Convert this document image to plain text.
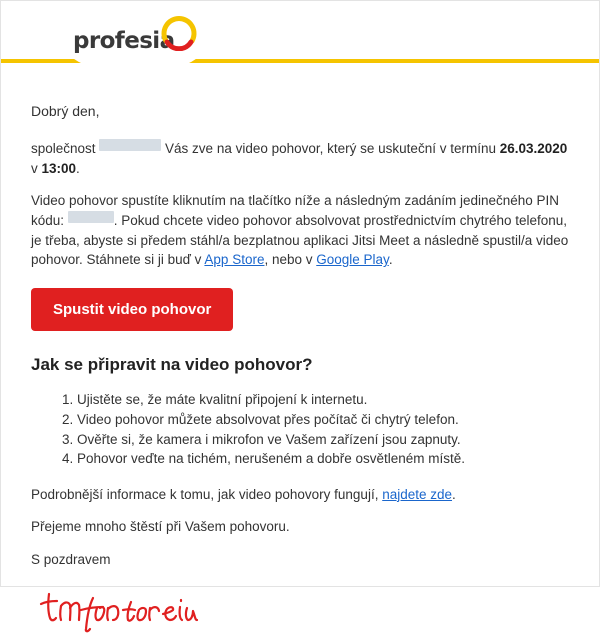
profesia

Dobrý den,

společnost	Vás zve na video pohovor, který se uskuteční v termínu 26.03.2020 v 13:00.

Video pohovor spustíte kliknutím na tlačítko níže a následným zadáním jedinečného PIN kódu:	. Pokud chcete video pohovor absolvovat prostřednictvím chytrého telefonu, je třeba, abyste si předem stáhl/a bezplatnou aplikaci Jitsi Meet a následně spustil/a video pohovor. Stáhnete si ji buď v App Store, nebo v Google Play.

Spustit video pohovor
Jak se připravit na video pohovor?
1. Ujistěte se, že máte kvalitní připojení k internetu.
2. Video pohovor můžete absolvovat přes počítač či chytrý telefon.
3. Ověřte si, že kamera i mikrofon ve Vašem zařízení jsou zapnuty.
4. Pohovor veďte na tichém, nerušeném a dobře osvětleném místě.

Podrobnější informace k tomu, jak video pohovory fungují, najdete zde.

Přejeme mnoho štěstí při Vašem pohovoru.

S pozdravem
